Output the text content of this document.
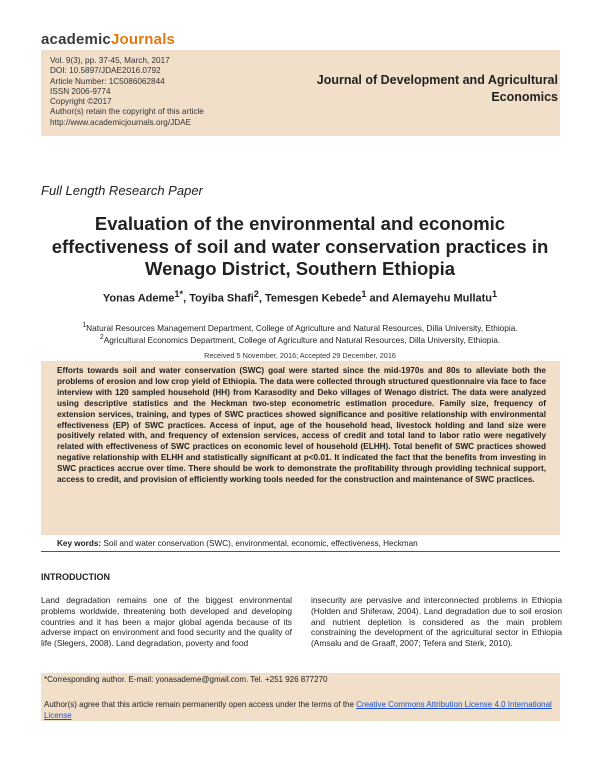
academicJournals
Vol. 9(3), pp. 37-45, March, 2017
DOI: 10.5897/JDAE2016.0792
Article Number: 1C5086062844
ISSN 2006-9774
Copyright ©2017
Author(s) retain the copyright of this article
http://www.academicjournals.org/JDAE
Journal of Development and Agricultural
Economics
Full Length Research Paper
Evaluation of the environmental and economic effectiveness of soil and water conservation practices in Wenago District, Southern Ethiopia
Yonas Ademe$^{1*}$, Toyiba Shafi$^2$, Temesgen Kebede$^1$ and Alemayehu Mullatu$^1$
$^1$Natural Resources Management Department, College of Agriculture and Natural Resources, Dilla University, Ethiopia.
$^2$Agricultural Economics Department, College of Agriculture and Natural Resources, Dilla University, Ethiopia.
Received 5 November, 2016; Accepted 29 December, 2016
Efforts towards soil and water conservation (SWC) goal were started since the mid-1970s and 80s to alleviate both the problems of erosion and low crop yield of Ethiopia. The data were collected through structured questionnaire via face to face interview with 120 sampled household (HH) from Karasodity and Deko villages of Wenago district. The data were analyzed using descriptive statistics and the Heckman two-step econometric estimation procedure. Family size, frequency of extension services, training, and types of SWC practices showed significance and positive relationship with environmental effectiveness (EP) of SWC practices. Access of input, age of the household head, livestock holding and land size were positively related with, and frequency of extension services, access of credit and total land to labor ratio were negatively related with effectiveness of SWC practices on economic level of household (ELHH). Total benefit of SWC practices showed negative relationship with ELHH and statistically significant at p<0.01. It indicated the fact that the benefits from investing in SWC practices accrue over time. There should be work to demonstrate the profitability through providing technical support, access to credit, and provision of efficiently working tools needed for the construction and maintenance of SWC practices.
Key words: Soil and water conservation (SWC), environmental, economic, effectiveness, Heckman
INTRODUCTION
Land degradation remains one of the biggest environmental problems worldwide, threatening both developed and developing countries and it has been a major global agenda because of its adverse impact on environment and food security and the quality of life (Slegers, 2008). Land degradation, poverty and food
insecurity are pervasive and interconnected problems in Ethiopia (Holden and Shiferaw, 2004). Land degradation due to soil erosion and nutrient depletion is considered as the main problem constraining the development of the agricultural sector in Ethiopia (Amsalu and de Graaff, 2007; Tefera and Sterk, 2010).
*Corresponding author. E-mail: yonasademe@gmail.com. Tel. +251 926 877270
Author(s) agree that this article remain permanently open access under the terms of the Creative Commons Attribution License 4.0 International License
